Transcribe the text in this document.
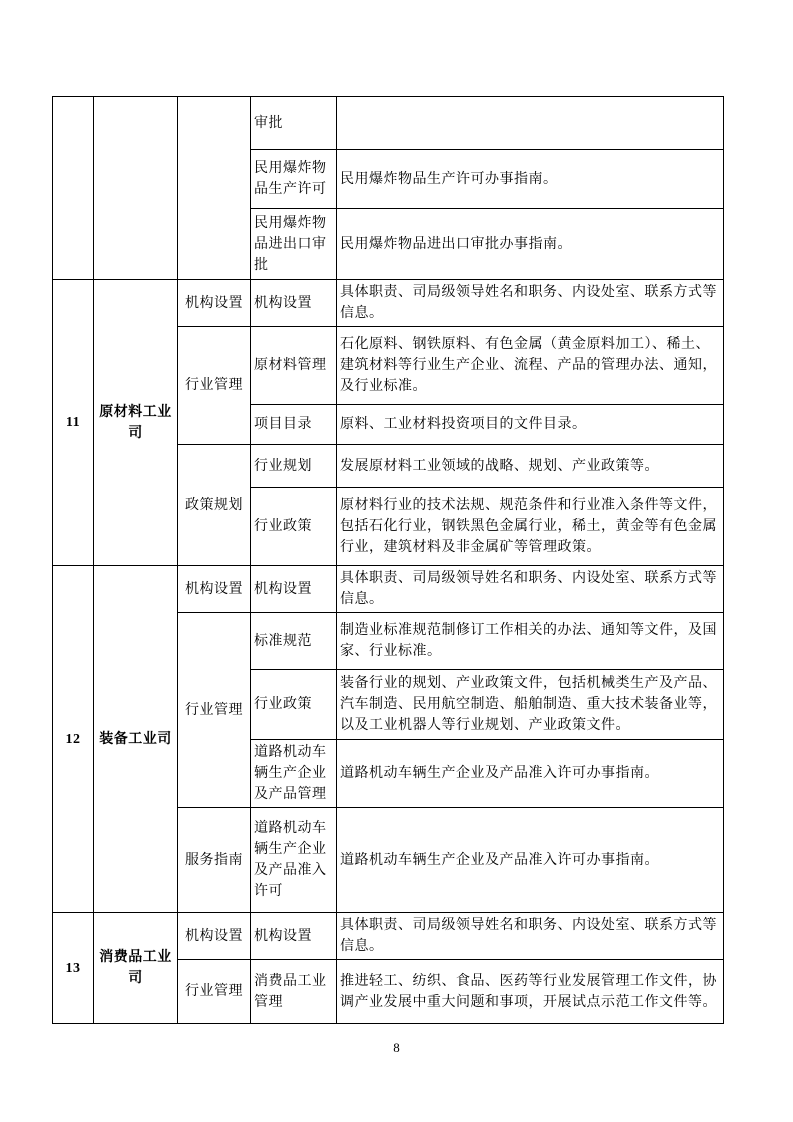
			审批	
			民用爆炸物品生产许可	民用爆炸物品生产许可办事指南。
			民用爆炸物品进出口审批	民用爆炸物品进出口审批办事指南。
11	原材料工业司	机构设置	机构设置	具体职责、司局级领导姓名和职务、内设处室、联系方式等信息。
		行业管理	原材料管理	石化原料、钢铁原料、有色金属（黄金原料加工）、稀土、建筑材料等行业生产企业、流程、产品的管理办法、通知，及行业标准。
			项目目录	原料、工业材料投资项目的文件目录。
		政策规划	行业规划	发展原材料工业领域的战略、规划、产业政策等。
			行业政策	原材料行业的技术法规、规范条件和行业准入条件等文件，包括石化行业，钢铁黑色金属行业，稀土，黄金等有色金属行业，建筑材料及非金属矿等管理政策。
12	装备工业司	机构设置	机构设置	具体职责、司局级领导姓名和职务、内设处室、联系方式等信息。
		行业管理	标准规范	制造业标准规范制修订工作相关的办法、通知等文件，及国家、行业标准。
			行业政策	装备行业的规划、产业政策文件，包括机械类生产及产品、汽车制造、民用航空制造、船舶制造、重大技术装备业等，以及工业机器人等行业规划、产业政策文件。
			道路机动车辆生产企业及产品管理	道路机动车辆生产企业及产品准入许可办事指南。
		服务指南	道路机动车辆生产企业及产品准入许可	道路机动车辆生产企业及产品准入许可办事指南。
13	消费品工业司	机构设置	机构设置	具体职责、司局级领导姓名和职务、内设处室、联系方式等信息。
		行业管理	消费品工业管理	推进轻工、纺织、食品、医药等行业发展管理工作文件，协调产业发展中重大问题和事项，开展试点示范工作文件等。
8
